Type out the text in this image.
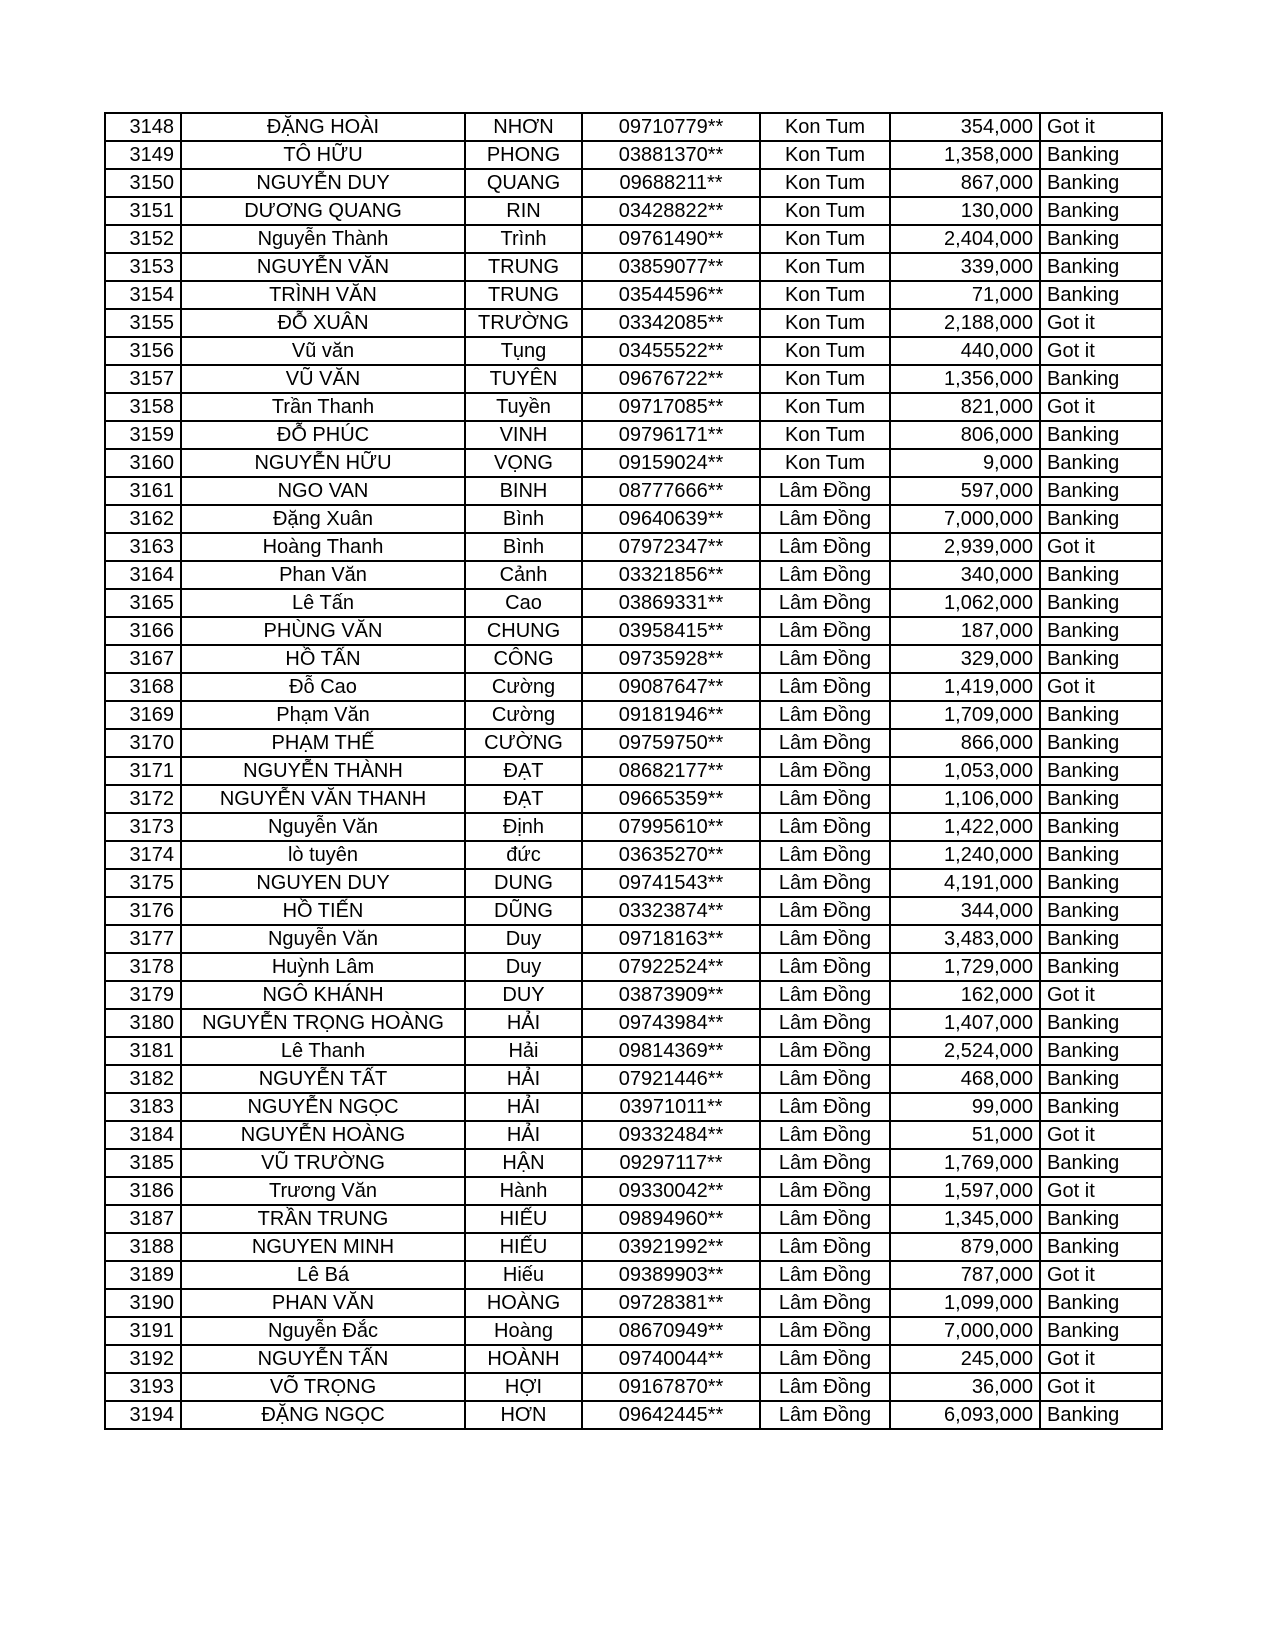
3148	ĐẶNG HOÀI	NHƠN	09710779**	Kon Tum	354,000	Got it
3149	TÔ HỮU	PHONG	03881370**	Kon Tum	1,358,000	Banking
3150	NGUYỄN DUY	QUANG	09688211**	Kon Tum	867,000	Banking
3151	DƯƠNG QUANG	RIN	03428822**	Kon Tum	130,000	Banking
3152	Nguyễn Thành	Trình	09761490**	Kon Tum	2,404,000	Banking
3153	NGUYỄN VĂN	TRUNG	03859077**	Kon Tum	339,000	Banking
3154	TRÌNH VĂN	TRUNG	03544596**	Kon Tum	71,000	Banking
3155	ĐỖ XUÂN	TRƯỜNG	03342085**	Kon Tum	2,188,000	Got it
3156	Vũ văn	Tụng	03455522**	Kon Tum	440,000	Got it
3157	VŨ VĂN	TUYÊN	09676722**	Kon Tum	1,356,000	Banking
3158	Trần Thanh	Tuyền	09717085**	Kon Tum	821,000	Got it
3159	ĐỖ PHÚC	VINH	09796171**	Kon Tum	806,000	Banking
3160	NGUYỄN HỮU	VỌNG	09159024**	Kon Tum	9,000	Banking
3161	NGO VAN	BINH	08777666**	Lâm Đồng	597,000	Banking
3162	Đặng Xuân	Bình	09640639**	Lâm Đồng	7,000,000	Banking
3163	Hoàng Thanh	Bình	07972347**	Lâm Đồng	2,939,000	Got it
3164	Phan Văn	Cảnh	03321856**	Lâm Đồng	340,000	Banking
3165	Lê Tấn	Cao	03869331**	Lâm Đồng	1,062,000	Banking
3166	PHÙNG VĂN	CHUNG	03958415**	Lâm Đồng	187,000	Banking
3167	HỒ TẤN	CÔNG	09735928**	Lâm Đồng	329,000	Banking
3168	Đỗ Cao	Cường	09087647**	Lâm Đồng	1,419,000	Got it
3169	Phạm Văn	Cường	09181946**	Lâm Đồng	1,709,000	Banking
3170	PHẠM THẾ	CƯỜNG	09759750**	Lâm Đồng	866,000	Banking
3171	NGUYỄN THÀNH	ĐẠT	08682177**	Lâm Đồng	1,053,000	Banking
3172	NGUYỄN VĂN THANH	ĐẠT	09665359**	Lâm Đồng	1,106,000	Banking
3173	Nguyễn Văn	Định	07995610**	Lâm Đồng	1,422,000	Banking
3174	lò tuyên	đức	03635270**	Lâm Đồng	1,240,000	Banking
3175	NGUYEN DUY	DUNG	09741543**	Lâm Đồng	4,191,000	Banking
3176	HỒ TIẾN	DŨNG	03323874**	Lâm Đồng	344,000	Banking
3177	Nguyễn Văn	Duy	09718163**	Lâm Đồng	3,483,000	Banking
3178	Huỳnh Lâm	Duy	07922524**	Lâm Đồng	1,729,000	Banking
3179	NGÔ KHÁNH	DUY	03873909**	Lâm Đồng	162,000	Got it
3180	NGUYỄN TRỌNG HOÀNG	HẢI	09743984**	Lâm Đồng	1,407,000	Banking
3181	Lê Thanh	Hải	09814369**	Lâm Đồng	2,524,000	Banking
3182	NGUYỄN TẤT	HẢI	07921446**	Lâm Đồng	468,000	Banking
3183	NGUYỄN NGỌC	HẢI	03971011**	Lâm Đồng	99,000	Banking
3184	NGUYỄN HOÀNG	HẢI	09332484**	Lâm Đồng	51,000	Got it
3185	VŨ TRƯỜNG	HẬN	09297117**	Lâm Đồng	1,769,000	Banking
3186	Trương Văn	Hành	09330042**	Lâm Đồng	1,597,000	Got it
3187	TRẦN TRUNG	HIẾU	09894960**	Lâm Đồng	1,345,000	Banking
3188	NGUYEN MINH	HIẾU	03921992**	Lâm Đồng	879,000	Banking
3189	Lê Bá	Hiếu	09389903**	Lâm Đồng	787,000	Got it
3190	PHAN VĂN	HOÀNG	09728381**	Lâm Đồng	1,099,000	Banking
3191	Nguyễn Đắc	Hoàng	08670949**	Lâm Đồng	7,000,000	Banking
3192	NGUYỄN TẤN	HOÀNH	09740044**	Lâm Đồng	245,000	Got it
3193	VÕ TRỌNG	HỢI	09167870**	Lâm Đồng	36,000	Got it
3194	ĐẶNG NGỌC	HƠN	09642445**	Lâm Đồng	6,093,000	Banking
